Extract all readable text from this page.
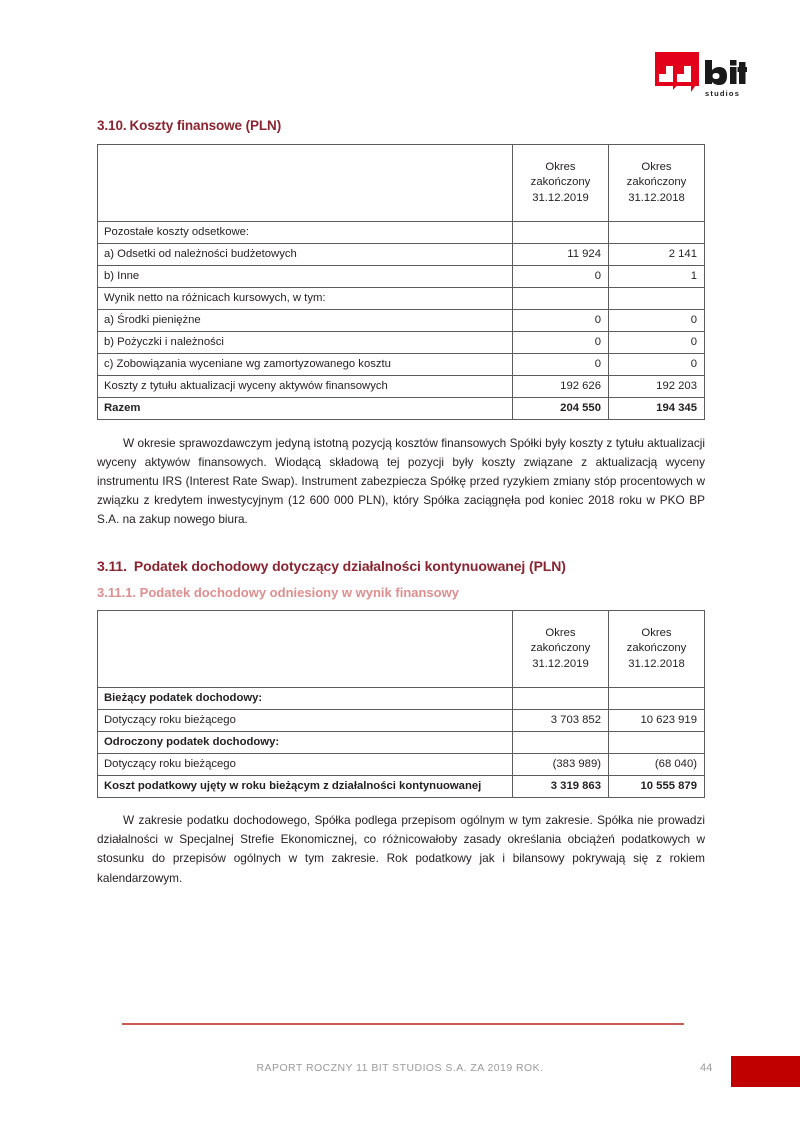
studios
3.10. Koszty finansowe (PLN)

	Okres
zakończony
31.12.2019	Okres
zakończony
31.12.2018

Pozostałe koszty odsetkowe:		
a) Odsetki od należności budżetowych	11 924	2 141
b) Inne	0	1
Wynik netto na różnicach kursowych, w tym:		
a) Środki pieniężne	0	0
b) Pożyczki i należności	0	0
c) Zobowiązania wyceniane wg zamortyzowanego kosztu	0	0
Koszty z tytułu aktualizacji wyceny aktywów finansowych	192 626	192 203
Razem	204 550	194 345

W okresie sprawozdawczym jedyną istotną pozycją kosztów finansowych Spółki były koszty z tytułu aktualizacji wyceny aktywów finansowych. Wiodącą składową tej pozycji były koszty związane z aktualizacją wyceny instrumentu IRS (Interest Rate Swap). Instrument zabezpiecza Spółkę przed ryzykiem zmiany stóp procentowych w związku z kredytem inwestycyjnym (12 600 000 PLN), który Spółka zaciągnęła pod koniec 2018 roku w PKO BP S.A. na zakup nowego biura.

3.11. Podatek dochodowy dotyczący działalności kontynuowanej (PLN)
3.11.1. Podatek dochodowy odniesiony w wynik finansowy

	Okres
zakończony
31.12.2019	Okres
zakończony
31.12.2018

Bieżący podatek dochodowy:		
Dotyczący roku bieżącego	3 703 852	10 623 919
Odroczony podatek dochodowy:		
Dotyczący roku bieżącego	(383 989)	(68 040)
Koszt podatkowy ujęty w roku bieżącym z działalności kontynuowanej	3 319 863	10 555 879

W zakresie podatku dochodowego, Spółka podlega przepisom ogólnym w tym zakresie. Spółka nie prowadzi działalności w Specjalnej Strefie Ekonomicznej, co różnicowałoby zasady określania obciążeń podatkowych w stosunku do przepisów ogólnych w tym zakresie. Rok podatkowy jak i bilansowy pokrywają się z rokiem kalendarzowym.

RAPORT ROCZNY 11 BIT STUDIOS S.A. ZA 2019 ROK.	44
